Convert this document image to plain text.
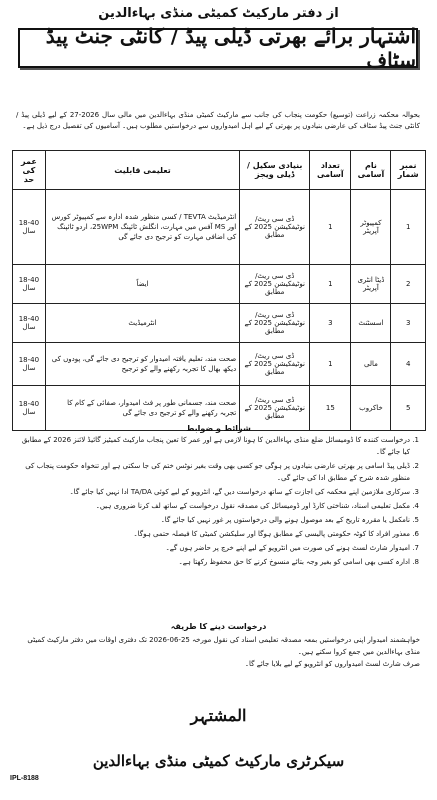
از دفتر مارکیٹ کمیٹی منڈی بہاءالدین
اشتہار برائے بھرتی ڈیلی پیڈ / کانٹی جنٹ پیڈ سٹاف
بحوالہ محکمہ زراعت (توسیع) حکومت پنجاب کی جانب سے مارکیٹ کمیٹی منڈی بہاءالدین میں مالی سال 2026-27 کے لیے ڈیلی پیڈ / کانٹی جنٹ پیڈ سٹاف کی عارضی بنیادوں پر بھرتی کے لیے اہل امیدواروں سے درخواستیں مطلوب ہیں۔ آسامیوں کی تفصیل درج ذیل ہے۔
نمبر شمار	نام آسامی	تعداد آسامی	بنیادی سکیل / ڈیلی ویجز	تعلیمی قابلیت	عمر کی حد
1	کمپیوٹر آپریٹر	1	ڈی سی ریٹ/ نوٹیفکیشن 2025 کے مطابق	انٹرمیڈیٹ TEVTA / کسی منظور شدہ ادارہ سے کمپیوٹر کورس اور MS آفس میں مہارت، انگلش ٹائپنگ 25WPM، اردو ٹائپنگ کی اضافی مہارت کو ترجیح دی جائے گی	18-40 سال
2	ڈیٹا انٹری آپریٹر	1	ڈی سی ریٹ/ نوٹیفکیشن 2025 کے مطابق	ایضاً	18-40 سال
3	اسسٹنٹ	3	ڈی سی ریٹ/ نوٹیفکیشن 2025 کے مطابق	انٹرمیڈیٹ	18-40 سال
4	مالی	1	ڈی سی ریٹ/ نوٹیفکیشن 2025 کے مطابق	صحت مند، تعلیم یافتہ امیدوار کو ترجیح دی جائے گی، پودوں کی دیکھ بھال کا تجربہ رکھنے والے کو ترجیح	18-40 سال
5	خاکروب	15	ڈی سی ریٹ/ نوٹیفکیشن 2025 کے مطابق	صحت مند، جسمانی طور پر فٹ امیدوار، صفائی کے کام کا تجربہ رکھنے والے کو ترجیح دی جائے گی	18-40 سال
شرائط و ضوابط
1. درخواست کنندہ کا ڈومیسائل ضلع منڈی بہاءالدین کا ہونا لازمی ہے اور عمر کا تعین پنجاب مارکیٹ کمیٹیز گائیڈ لائنز 2026 کے مطابق کیا جائے گا۔
2. ڈیلی پیڈ اسامی پر بھرتی عارضی بنیادوں پر ہوگی جو کسی بھی وقت بغیر نوٹس ختم کی جا سکتی ہے اور تنخواہ حکومت پنجاب کی منظور شدہ شرح کے مطابق ادا کی جائے گی۔
3. سرکاری ملازمین اپنے محکمہ کی اجازت کے ساتھ درخواست دیں گے، انٹرویو کے لیے کوئی TA/DA ادا نہیں کیا جائے گا۔
4. مکمل تعلیمی اسناد، شناختی کارڈ اور ڈومیسائل کی مصدقہ نقول درخواست کے ساتھ لف کرنا ضروری ہیں۔
5. نامکمل یا مقررہ تاریخ کے بعد موصول ہونے والی درخواستوں پر غور نہیں کیا جائے گا۔
6. معذور افراد کا کوٹہ حکومتی پالیسی کے مطابق ہوگا اور سلیکشن کمیٹی کا فیصلہ حتمی ہوگا۔
7. امیدوار شارٹ لسٹ ہونے کی صورت میں انٹرویو کے لیے اپنے خرچ پر حاضر ہوں گے۔
8. ادارہ کسی بھی اسامی کو بغیر وجہ بتائے منسوخ کرنے کا حق محفوظ رکھتا ہے۔
درخواست دینے کا طریقہ
خواہشمند امیدوار اپنی درخواستیں بمعہ مصدقہ تعلیمی اسناد کی نقول مورخہ 25-06-2026 تک دفتری اوقات میں دفتر مارکیٹ کمیٹی منڈی بہاءالدین میں جمع کروا سکتے ہیں۔
صرف شارٹ لسٹ امیدواروں کو انٹرویو کے لیے بلایا جائے گا۔
المشتہر
سیکرٹری مارکیٹ کمیٹی منڈی بہاءالدین
IPL-8188
